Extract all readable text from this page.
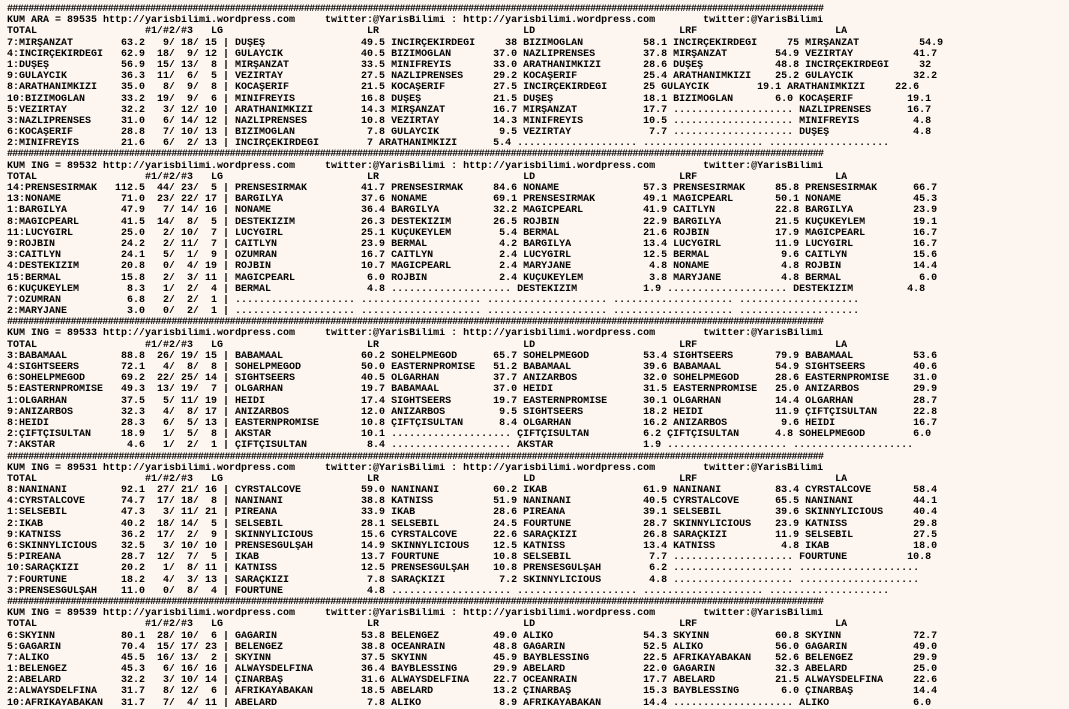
##########################################################################################################################################################
KUM ARA = 89535 http://yarisbilimi.wordpress.com     twitter:@YarisBilimi : http://yarisbilimi.wordpress.com        twitter:@YarisBilimi
TOTAL                  #1/#2/#3   LG                        LR                        LD                        LRF                       LA
7:MİRŞANZAT        63.2   9/ 18/ 15 | DÜŞEŞ                49.5 İNCİRÇEKİRDEĞİ     38 BİZİMOĞLAN          58.1 İNCİRÇEKİRDEĞİ     75 MİRŞANZAT          54.9
4:İNCİRÇEKİRDEĞİ   62.9  18/  9/ 12 | GÜLAYCIK             40.5 BİZİMOĞLAN       37.0 NAZLIPRENSES        37.8 MİRŞANZAT        54.9 VEZİRTAY          41.7
1:DÜŞEŞ            56.9  15/ 13/  8 | MİRŞANZAT            33.5 MİNİFREYİS       33.0 ARATHANIMKIZI       28.6 DÜŞEŞ            48.8 İNCİRÇEKİRDEĞİ     32
9:GÜLAYCIK         36.3  11/  6/  5 | VEZİRTAY             27.5 NAZLIPRENSES     29.2 KOCAŞERİF           25.4 ARATHANIMKIZI    25.2 GÜLAYCIK          32.2
8:ARATHANIMKIZI    35.0   8/  9/  8 | KOCAŞERİF            21.5 KOCAŞERİF        27.5 İNCİRÇEKİRDEĞİ      25 GÜLAYCIK        19.1 ARATHANIMKIZI     22.6
10:BİZİMOĞLAN      33.2  19/  9/  6 | MİNİFREYİS           16.8 DÜŞEŞ            21.5 DÜŞEŞ               18.1 BİZİMOĞLAN       6.0 KOCAŞERİF         19.1
5:VEZİRTAY         32.2   3/ 12/ 10 | ARATHANIMKIZI        14.3 MİRŞANZAT        16.7 MİRŞANZAT           17.7 .................... NAZLIPRENSES      16.7
3:NAZLIPRENSES     31.0   6/ 14/ 12 | NAZLIPRENSES         10.8 VEZİRTAY         14.3 MİNİFREYİS          10.5 .................... MİNİFREYİS         4.8
6:KOCAŞERİF        28.8   7/ 10/ 13 | BİZİMOĞLAN            7.8 GÜLAYCIK          9.5 VEZİRTAY             7.7 .................... DÜŞEŞ              4.8
2:MİNİFREYİS       21.6   6/  2/ 13 | İNCİRÇEKİRDEĞİ        7 ARATHANIMKIZI      5.4 .................... .................... ....................
##########################################################################################################################################################
KUM ING = 89532 http://yarisbilimi.wordpress.com     twitter:@YarisBilimi : http://yarisbilimi.wordpress.com        twitter:@YarisBilimi
TOTAL                  #1/#2/#3   LG                        LR                        LD                        LRF                       LA
14:PRENSESIRMAK   112.5  44/ 23/  5 | PRENSESIRMAK         41.7 PRENSESIRMAK     84.6 NONAME              57.3 PRENSESIRMAK     85.8 PRENSESIRMAK      66.7
13:NONAME          71.0  23/ 22/ 17 | BARGILYA             37.6 NONAME           69.1 PRENSESIRMAK        49.1 MAGICPEARL       50.1 NONAME            45.3
1:BARGILYA         47.9   7/ 14/ 16 | NONAME               36.4 BARGILYA         32.2 MAGICPEARL          41.9 CAITLYN          22.8 BARGILYA          23.9
8:MAGICPEARL       41.5  14/  8/  5 | DESTEKIZIM           26.3 DESTEKIZIM       26.5 ROJBIN              22.9 BARGILYA         21.5 KÜÇÜKEYLEM        19.1
11:LUCYGIRL        25.0   2/ 10/  7 | LUCYGIRL             25.1 KÜÇÜKEYLEM        5.4 BERMAL              21.6 ROJBIN           17.9 MAGICPEARL        16.7
9:ROJBIN           24.2   2/ 11/  7 | CAITLYN              23.9 BERMAL            4.2 BARGILYA            13.4 LUCYGIRL         11.9 LUCYGIRL          16.7
3:CAITLYN          24.1   5/  1/  9 | ÖZÜMRAN              16.7 CAITLYN           2.4 LUCYGIRL            12.5 BERMAL            9.6 CAITLYN           15.6
4:DESTEKIZIM       20.8   0/  4/ 19 | ROJBIN               10.7 MAGICPEARL        2.4 MARYJANE             4.8 NONAME            4.8 ROJBIN            14.4
15:BERMAL          15.8   2/  3/ 11 | MAGICPEARL            6.0 ROJBIN            2.4 KÜÇÜKEYLEM           3.8 MARYJANE          4.8 BERMAL             6.0
6:KÜÇÜKEYLEM        8.3   1/  2/  4 | BERMAL                4.8 .................... DESTEKIZIM           1.9 .................... DESTEKIZIM         4.8
7:ÖZÜMRAN           6.8   2/  2/  1 | .................... .................... .................... .................... ....................
2:MARYJANE          3.0   0/  2/  1 | .................... .................... .................... .................... ....................
##########################################################################################################################################################
KUM ING = 89533 http://yarisbilimi.wordpress.com     twitter:@YarisBilimi : http://yarisbilimi.wordpress.com        twitter:@YarisBilimi
TOTAL                  #1/#2/#3   LG                        LR                        LD                        LRF                       LA
3:BABAMAAL         88.8  26/ 19/ 15 | BABAMAAL             60.2 SOHELPMEGOD      65.7 SOHELPMEGOD         53.4 SIGHTSEERS       79.9 BABAMAAL          53.6
4:SIGHTSEERS       72.1   4/  8/  8 | SOHELPMEGOD          50.0 EASTERNPROMISE   51.2 BABAMAAL            39.6 BABAMAAL         54.9 SIGHTSEERS        40.6
6:SOHELPMEGOD      69.2  22/ 25/ 14 | SIGHTSEERS           40.5 OLGARHAN         37.7 ANIZARBOS           32.0 SOHELPMEGOD      28.6 EASTERNPROMISE    31.0
5:EASTERNPROMISE   49.3  13/ 19/  7 | OLGARHAN             19.7 BABAMAAL         37.0 HEIDI               31.5 EASTERNPROMISE   25.0 ANIZARBOS         29.9
1:OLGARHAN         37.5   5/ 11/ 19 | HEIDI                17.4 SIGHTSEERS       19.7 EASTERNPROMISE      30.1 OLGARHAN         14.4 OLGARHAN          28.7
9:ANIZARBOS        32.3   4/  8/ 17 | ANIZARBOS            12.0 ANIZARBOS         9.5 SIGHTSEERS          18.2 HEIDI            11.9 ÇİFTÇİSULTAN      22.8
8:HEIDI            28.3   6/  5/ 13 | EASTERNPROMISE       10.8 ÇİFTÇİSULTAN      8.4 OLGARHAN            16.2 ANIZARBOS         9.6 HEIDI             16.7
2:ÇİFTÇİSULTAN     18.9   1/  5/  8 | AKSTAR               10.1 .................... ÇİFTÇİSULTAN         6.2 ÇİFTÇİSULTAN      4.8 SOHELPMEGOD        6.0
7:AKSTAR            4.6   1/  2/  1 | ÇİFTÇİSULTAN          8.4 .................... AKSTAR               1.9 .................... ....................
##########################################################################################################################################################
KUM ING = 89531 http://yarisbilimi.wordpress.com     twitter:@YarisBilimi : http://yarisbilimi.wordpress.com        twitter:@YarisBilimi
TOTAL                  #1/#2/#3   LG                        LR                        LD                        LRF                       LA
8:NANİNANİ         92.1  27/ 21/ 16 | CYRSTALCOVE          59.0 NANİNANİ         60.2 İKAB                61.9 NANİNANİ         83.4 CYRSTALCOVE       58.4
4:CYRSTALCOVE      74.7  17/ 18/  8 | NANİNANİ             38.8 KATNISS          51.9 NANİNANİ            40.5 CYRSTALCOVE      65.5 NANİNANİ          44.1
1:SELSEBİL         47.3   3/ 11/ 21 | PİREANA              33.9 İKAB             28.6 PİREANA             39.1 SELSEBİL         39.6 SKINNYLICIOUS     40.4
2:İKAB             40.2  18/ 14/  5 | SELSEBİL             28.1 SELSEBİL         24.5 FOURTUNE            28.7 SKINNYLICIOUS    23.9 KATNISS           29.8
9:KATNISS          36.2  17/  2/  9 | SKINNYLICIOUS        15.6 CYRSTALCOVE      22.6 SARAÇKIZI           26.8 SARAÇKIZI        11.9 SELSEBİL          27.5
6:SKINNYLICIOUS    32.5   3/ 10/ 10 | PRENSESGÜLŞAH        14.9 SKINNYLICIOUS    12.5 KATNISS             13.4 KATNISS           4.8 İKAB              18.0
5:PİREANA          28.7  12/  7/  5 | İKAB                 13.7 FOURTUNE         10.8 SELSEBİL             7.7 .................... FOURTUNE          10.8
10:SARAÇKIZI       20.2   1/  8/ 11 | KATNISS              12.5 PRENSESGÜLŞAH    10.8 PRENSESGÜLŞAH        6.2 .................... ....................
7:FOURTUNE         18.2   4/  3/ 13 | SARAÇKIZI             7.8 SARAÇKIZI         7.2 SKINNYLICIOUS        4.8 .................... ....................
3:PRENSESGÜLŞAH    11.0   0/  8/  4 | FOURTUNE              4.8 .................... .................... .................... ....................
##########################################################################################################################################################
KUM ING = 89539 http://yarisbilimi.wordpress.com     twitter:@YarisBilimi : http://yarisbilimi.wordpress.com        twitter:@YarisBilimi
TOTAL                  #1/#2/#3   LG                        LR                        LD                        LRF                       LA
6:SKYINN           80.1  28/ 10/  6 | GAGARİN              53.8 BELENGEZ         49.0 ALİKO               54.3 SKYINN           60.8 SKYINN            72.7
5:GAGARİN          70.4  15/ 17/ 23 | BELENGEZ             38.8 OCEANRAIN        48.8 GAGARİN             52.5 ALİKO            56.0 GAGARİN           49.0
7:ALİKO            45.5  16/ 13/  2 | SKYINN               37.5 SKYINN           45.9 BAYBLESSING         22.5 AFRİKAYABAKAN    52.6 BELENGEZ          29.9
1:BELENGEZ         45.3   6/ 16/ 16 | ALWAYSDELFINA        36.4 BAYBLESSING      29.9 ABELARD             22.0 GAGARİN          32.3 ABELARD           25.0
2:ABELARD          32.2   3/ 10/ 14 | ÇINARBAŞ             31.6 ALWAYSDELFINA    22.7 OCEANRAIN           17.7 ABELARD          21.5 ALWAYSDELFINA     22.6
2:ALWAYSDELFINA    31.7   8/ 12/  6 | AFRİKAYABAKAN        18.5 ABELARD          13.2 ÇINARBAŞ            15.3 BAYBLESSING       6.0 ÇINARBAŞ          14.4
10:AFRİKAYABAKAN   31.7   7/  4/ 11 | ABELARD               7.8 ALİKO             8.9 AFRİKAYABAKAN       14.4 .................... ALİKO              6.0
